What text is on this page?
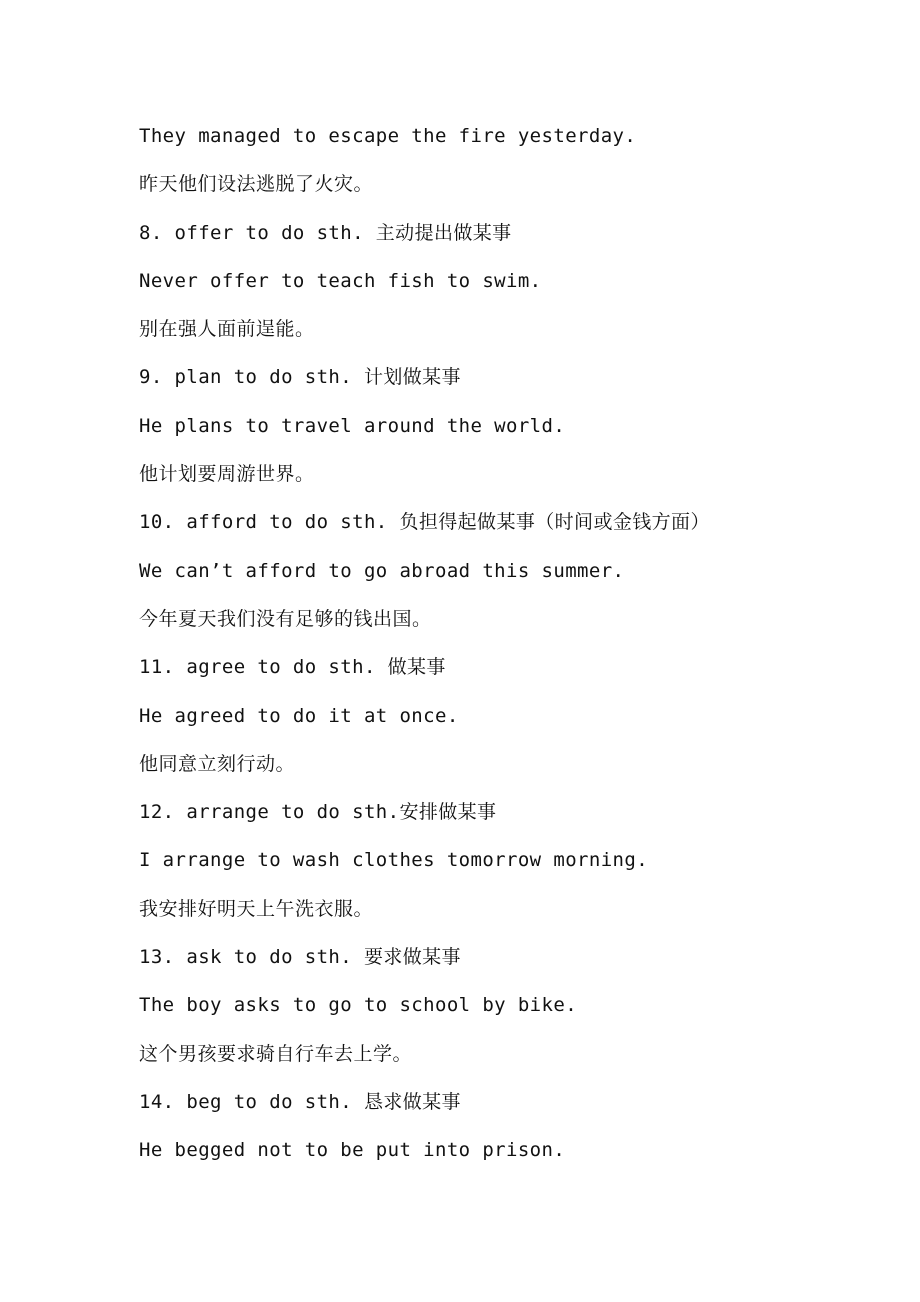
They managed to escape the fire yesterday.
昨天他们设法逃脱了火灾。
8. offer to do sth. 主动提出做某事
Never offer to teach fish to swim.
别在强人面前逞能。
9. plan to do sth. 计划做某事
He plans to travel around the world.
他计划要周游世界。
10. afford to do sth. 负担得起做某事（时间或金钱方面）
We can’t afford to go abroad this summer.
今年夏天我们没有足够的钱出国。
11. agree to do sth. 做某事
He agreed to do it at once.
他同意立刻行动。
12. arrange to do sth.安排做某事
I arrange to wash clothes tomorrow morning.
我安排好明天上午洗衣服。
13. ask to do sth. 要求做某事
The boy asks to go to school by bike.
这个男孩要求骑自行车去上学。
14. beg to do sth. 恳求做某事
He begged not to be put into prison.
